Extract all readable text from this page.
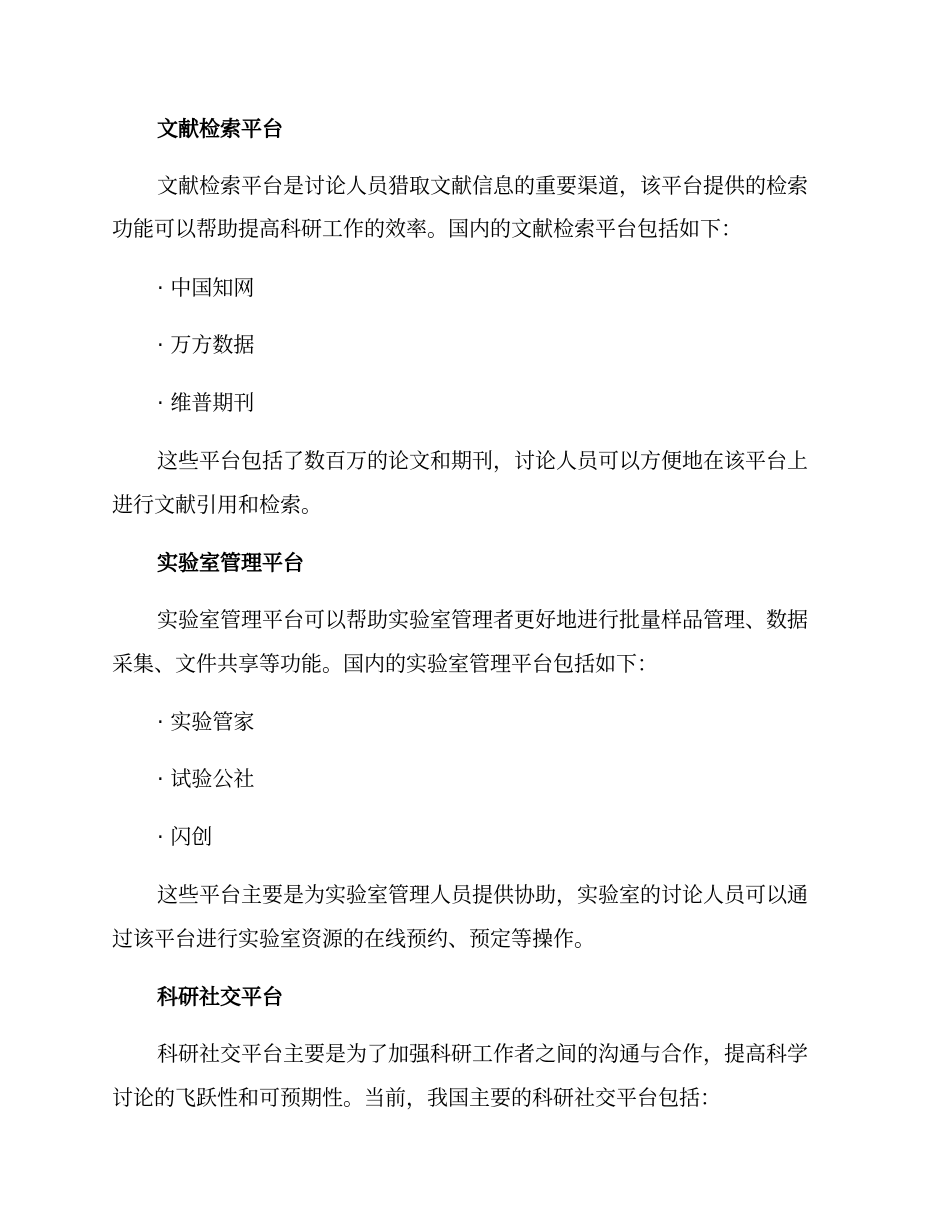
文献检索平台

文献检索平台是讨论人员猎取文献信息的重要渠道，该平台提供的检索

功能可以帮助提高科研工作的效率。国内的文献检索平台包括如下：

· 中国知网

· 万方数据

· 维普期刊

这些平台包括了数百万的论文和期刊，讨论人员可以方便地在该平台上

进行文献引用和检索。

实验室管理平台

实验室管理平台可以帮助实验室管理者更好地进行批量样品管理、数据

采集、文件共享等功能。国内的实验室管理平台包括如下：

· 实验管家

· 试验公社

· 闪创

这些平台主要是为实验室管理人员提供协助，实验室的讨论人员可以通

过该平台进行实验室资源的在线预约、预定等操作。

科研社交平台

科研社交平台主要是为了加强科研工作者之间的沟通与合作，提高科学

讨论的飞跃性和可预期性。当前，我国主要的科研社交平台包括：
